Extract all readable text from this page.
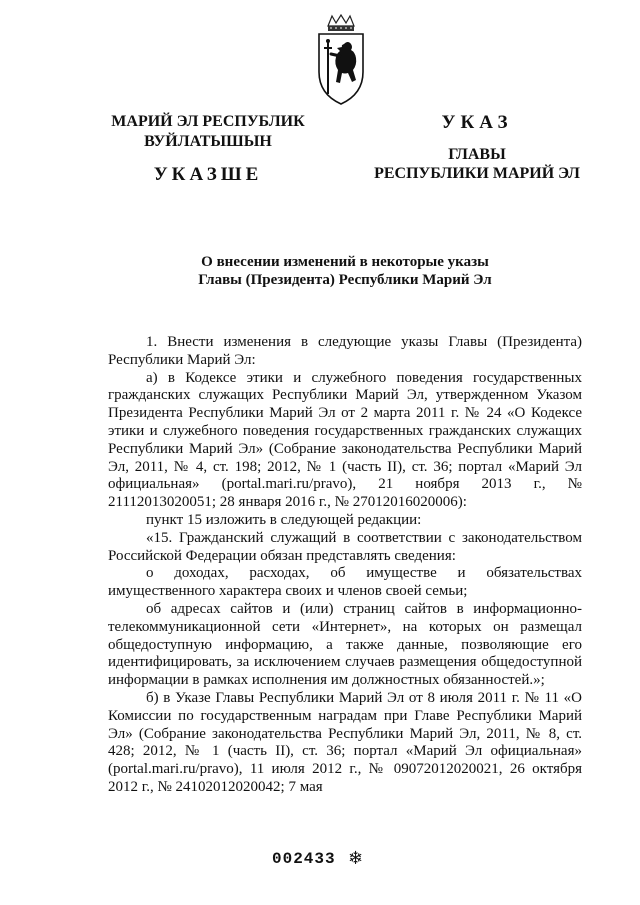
МАРИЙ ЭЛ РЕСПУБЛИК
ВУЙЛАТЫШЫН
УКАЗШЕ
УКАЗ
ГЛАВЫ
РЕСПУБЛИКИ МАРИЙ ЭЛ
О внесении изменений в некоторые указы
Главы (Президента) Республики Марий Эл

1. Внести изменения в следующие указы Главы (Президента) Республики Марий Эл:

а) в Кодексе этики и служебного поведения государственных гражданских служащих Республики Марий Эл, утвержденном Указом Президента Республики Марий Эл от 2 марта 2011 г. № 24 «О Кодексе этики и служебного поведения государственных гражданских служащих Республики Марий Эл» (Собрание законодательства Республики Марий Эл, 2011, № 4, ст. 198; 2012, № 1 (часть II), ст. 36; портал «Марий Эл официальная» (portal.mari.ru/pravo), 21 ноября 2013 г., № 21112013020051; 28 января 2016 г., № 27012016020006):

пункт 15 изложить в следующей редакции:

«15. Гражданский служащий в соответствии с законодательством Российской Федерации обязан представлять сведения:

о доходах, расходах, об имуществе и обязательствах имущественного характера своих и членов своей семьи;

об адресах сайтов и (или) страниц сайтов в информационно-телекоммуникационной сети «Интернет», на которых он размещал общедоступную информацию, а также данные, позволяющие его идентифицировать, за исключением случаев размещения общедоступной информации в рамках исполнения им должностных обязанностей.»;

б) в Указе Главы Республики Марий Эл от 8 июля 2011 г. № 11 «О Комиссии по государственным наградам при Главе Республики Марий Эл» (Собрание законодательства Республики Марий Эл, 2011, № 8, ст. 428; 2012, № 1 (часть II), ст. 36; портал «Марий Эл официальная» (portal.mari.ru/pravo), 11 июля 2012 г., № 09072012020021, 26 октября 2012 г., № 24102012020042; 7 мая

002433 ❄
